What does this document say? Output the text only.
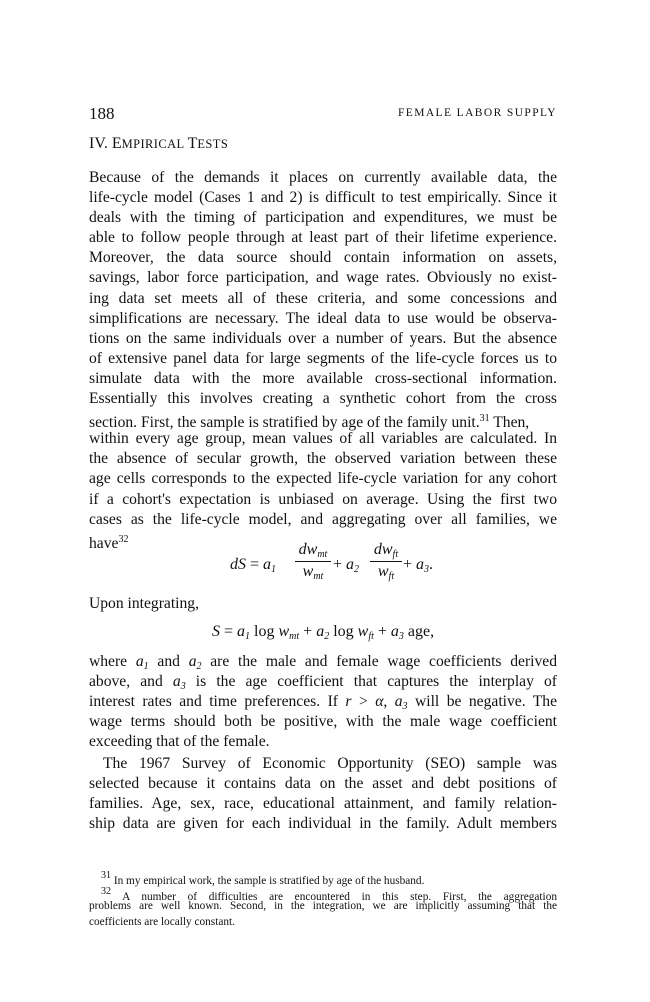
188	FEMALE LABOR SUPPLY
IV. EMPIRICAL TESTS
Because of the demands it places on currently available data, the
life-cycle model (Cases 1 and 2) is difficult to test empirically. Since it
deals with the timing of participation and expenditures, we must be
able to follow people through at least part of their lifetime experience.
Moreover, the data source should contain information on assets,
savings, labor force participation, and wage rates. Obviously no exist-
ing data set meets all of these criteria, and some concessions and
simplifications are necessary. The ideal data to use would be observa-
tions on the same individuals over a number of years. But the absence
of extensive panel data for large segments of the life-cycle forces us to
simulate data with the more available cross-sectional information.
Essentially this involves creating a synthetic cohort from the cross
section. First, the sample is stratified by age of the family unit.$^{31}$ Then,
within every age group, mean values of all variables are calculated. In
the absence of secular growth, the observed variation between these
age cells corresponds to the expected life-cycle variation for any cohort
if a cohort's expectation is unbiased on average. Using the first two
cases as the life-cycle model, and aggregating over all families, we
have$^{32}$
dS = $a_1$
$dw_{mt}$
$w_{mt}$
+ $a_2$
$dw_{ft}$
$w_{ft}$
+ $a_3$.
Upon integrating,
$S = a_1$ $\log w_{mt} + a_2$ $\log w_{ft} + a_3$ age,
where $a_1$ and $a_2$ are the male and female wage coefficients derived
above, and $a_3$ is the age coefficient that captures the interplay of
interest rates and time preferences. If r > α, $a_3$ will be negative. The
wage terms should both be positive, with the male wage coefficient
exceeding that of the female.
The 1967 Survey of Economic Opportunity (SEO) sample was
selected because it contains data on the asset and debt positions of
families. Age, sex, race, educational attainment, and family relation-
ship data are given for each individual in the family. Adult members
31 In my empirical work, the sample is stratified by age of the husband.
32 A number of difficulties are encountered in this step. First, the aggregation
problems are well known. Second, in the integration, we are implicitly assuming that the
coefficients are locally constant.
